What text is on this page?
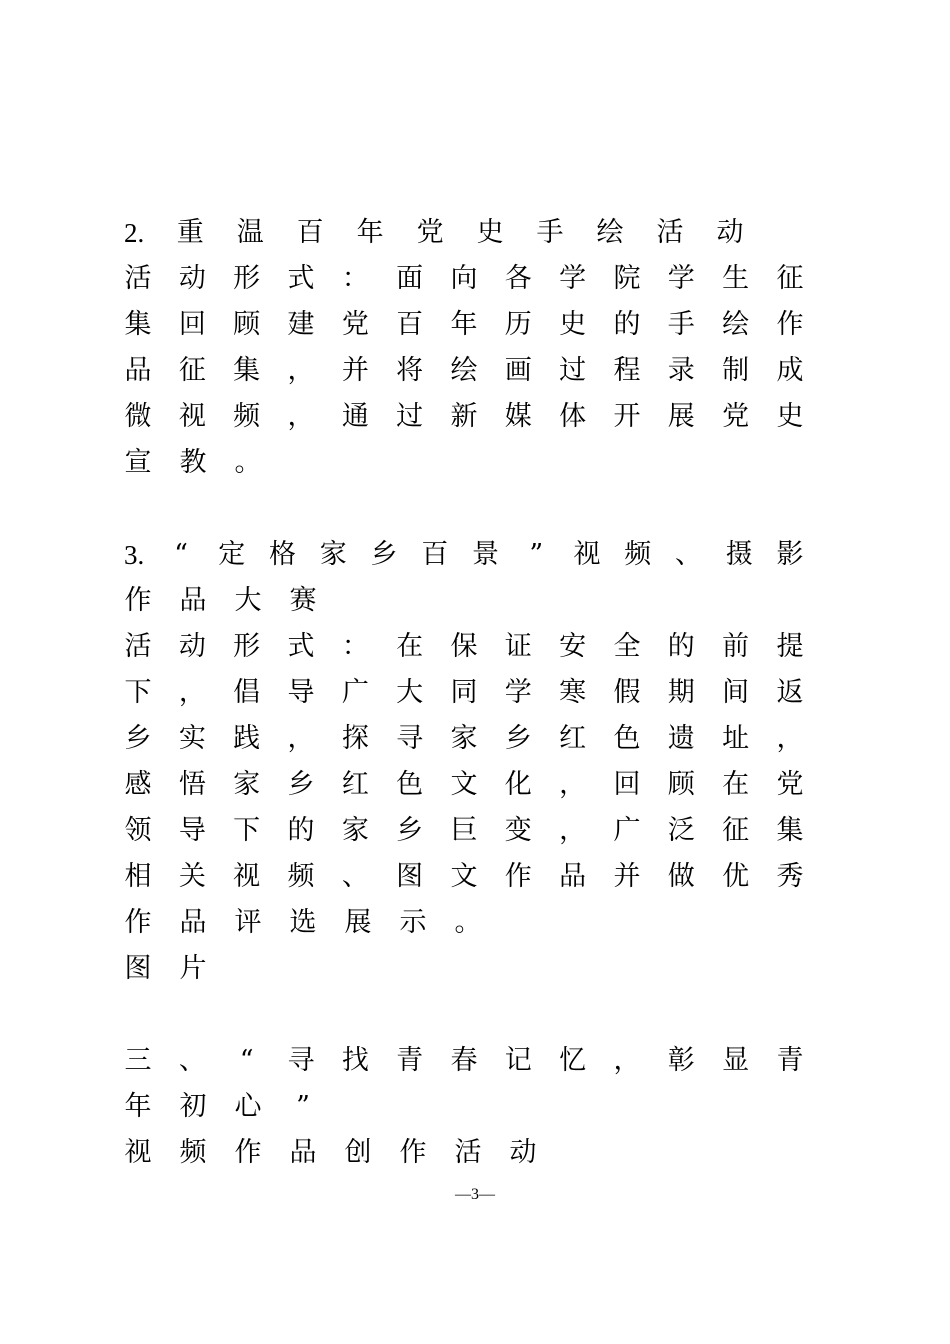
2. 重 温 百 年 党 史 手 绘 活 动
活 动 形 式 ： 面 向 各 学 院 学 生 征
集 回 顾 建 党 百 年 历 史 的 手 绘 作
品 征 集 ， 并 将 绘 画 过 程 录 制 成
微 视 频 ， 通 过 新 媒 体 开 展 党 史
宣 教 。
3. “ 定 格 家 乡 百 景 ” 视 频 、 摄 影
作 品 大 赛
活 动 形 式 ： 在 保 证 安 全 的 前 提
下 ， 倡 导 广 大 同 学 寒 假 期 间 返
乡 实 践 ， 探 寻 家 乡 红 色 遗 址 ，
感 悟 家 乡 红 色 文 化 ， 回 顾 在 党
领 导 下 的 家 乡 巨 变 ， 广 泛 征 集
相 关 视 频 、 图 文 作 品 并 做 优 秀
作 品 评 选 展 示 。
图 片
三 、 “ 寻 找 青 春 记 忆 ， 彰 显 青
年 初 心 ”
视 频 作 品 创 作 活 动
—3—
